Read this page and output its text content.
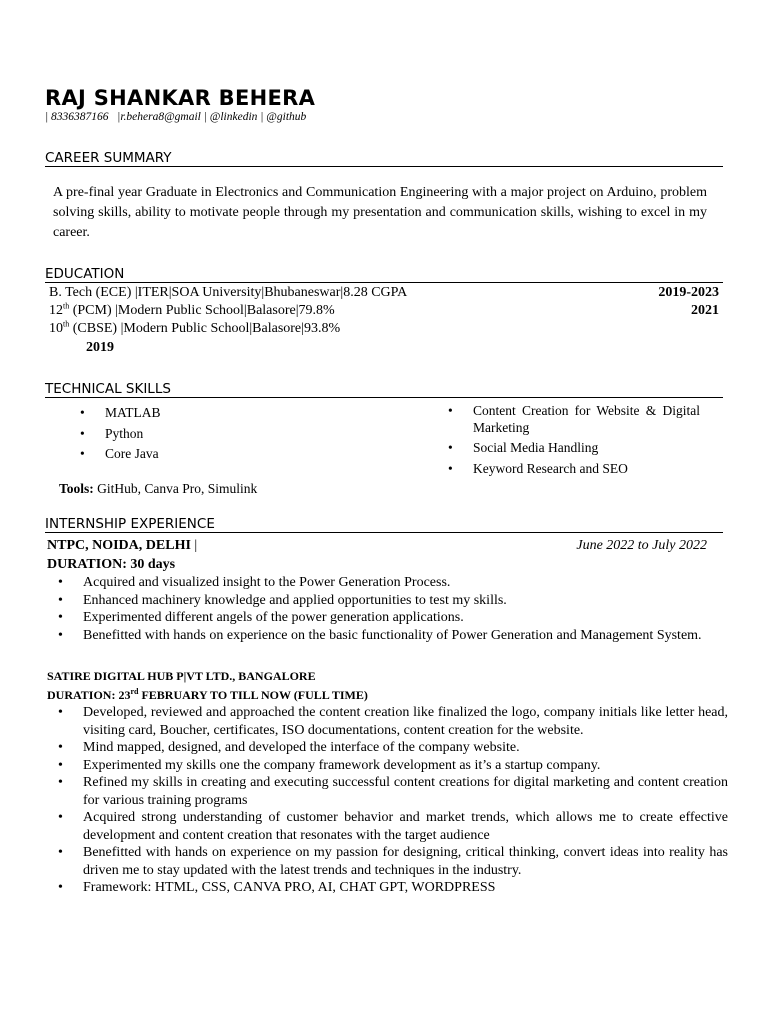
RAJ SHANKAR BEHERA
| 8336387166   |r.behera8@gmail | @linkedin | @github
CAREER SUMMARY
A pre-final year Graduate in Electronics and Communication Engineering with a major project on Arduino, problem solving skills, ability to motivate people through my presentation and communication skills, wishing to excel in my career.
EDUCATION
B. Tech (ECE) |ITER|SOA University|Bhubaneswar|8.28 CGPA	2019-2023
12th (PCM) |Modern Public School|Balasore|79.8%	2021
10th (CBSE) |Modern Public School|Balasore|93.8%
2019
TECHNICAL SKILLS
• MATLAB
• Python
• Core Java
• Content Creation for Website & Digital Marketing
• Social Media Handling
• Keyword Research and SEO
Tools: GitHub, Canva Pro, Simulink
INTERNSHIP EXPERIENCE
NTPC, NOIDA, DELHI |	June 2022 to July 2022
DURATION: 30 days
• Acquired and visualized insight to the Power Generation Process.
• Enhanced machinery knowledge and applied opportunities to test my skills.
• Experimented different angels of the power generation applications.
• Benefitted with hands on experience on the basic functionality of Power Generation and Management System.
SATIRE DIGITAL HUB P|VT LTD., BANGALORE
DURATION: 23rd FEBRUARY TO TILL NOW (FULL TIME)
• Developed, reviewed and approached the content creation like finalized the logo, company initials like letter head, visiting card, Boucher, certificates, ISO documentations, content creation for the website.
• Mind mapped, designed, and developed the interface of the company website.
• Experimented my skills one the company framework development as it’s a startup company.
• Refined my skills in creating and executing successful content creations for digital marketing and content creation for various training programs
• Acquired strong understanding of customer behavior and market trends, which allows me to create effective development and content creation that resonates with the target audience
• Benefitted with hands on experience on my passion for designing, critical thinking, convert ideas into reality has driven me to stay updated with the latest trends and techniques in the industry.
• Framework: HTML, CSS, CANVA PRO, AI, CHAT GPT, WORDPRESS
